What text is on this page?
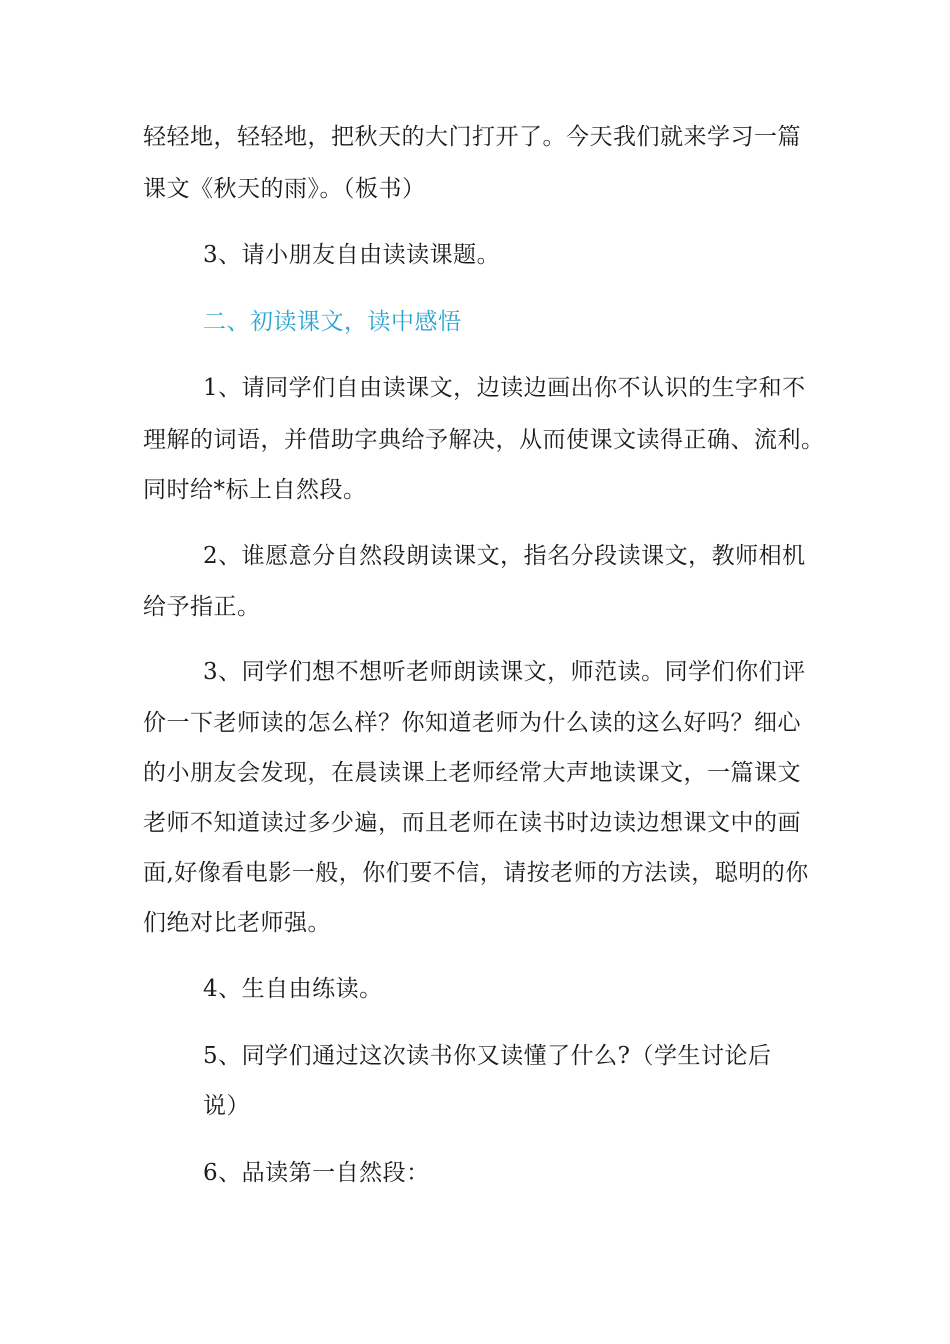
轻轻地，轻轻地，把秋天的大门打开了。今天我们就来学习一篇
课文《秋天的雨》。（板书）
3、请小朋友自由读读课题。
二、初读课文，读中感悟
1、请同学们自由读课文，边读边画出你不认识的生字和不
理解的词语，并借助字典给予解决，从而使课文读得正确、流利。
同时给*标上自然段。
2、谁愿意分自然段朗读课文，指名分段读课文，教师相机
给予指正。
3、同学们想不想听老师朗读课文，师范读。同学们你们评
价一下老师读的怎么样？你知道老师为什么读的这么好吗？细心
的小朋友会发现，在晨读课上老师经常大声地读课文，一篇课文
老师不知道读过多少遍，而且老师在读书时边读边想课文中的画
面,好像看电影一般，你们要不信，请按老师的方法读，聪明的你
们绝对比老师强。
4、生自由练读。
5、同学们通过这次读书你又读懂了什么?（学生讨论后
说）
6、品读第一自然段：
